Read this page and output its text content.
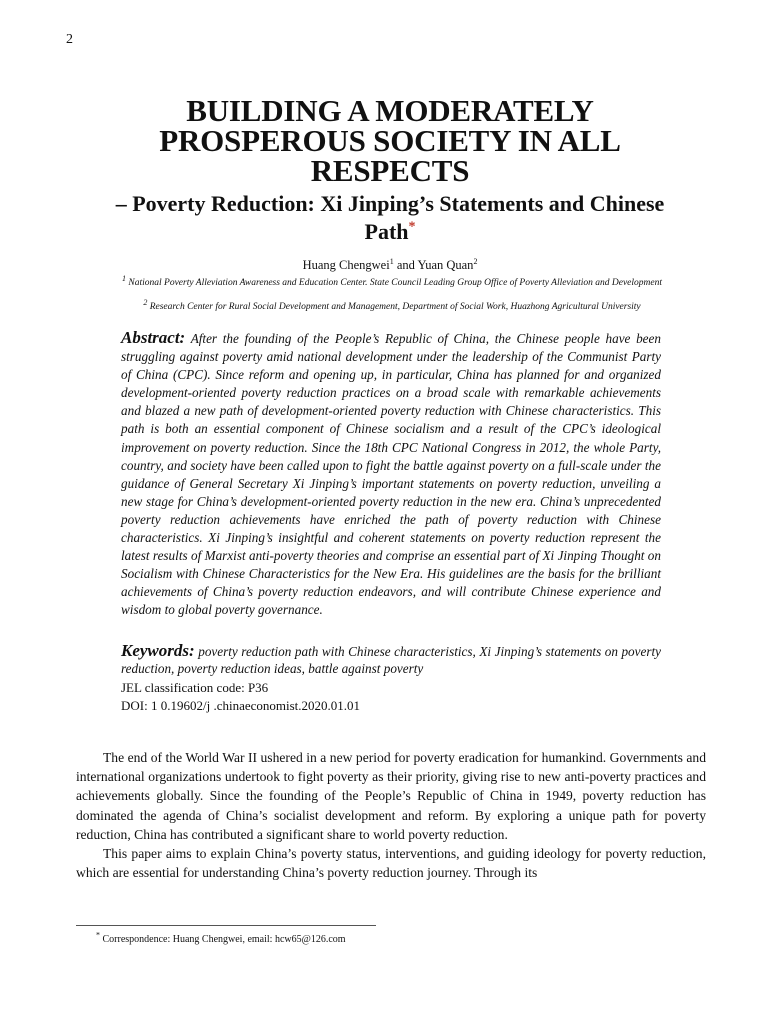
2
BUILDING A MODERATELY PROSPEROUS SOCIETY IN ALL RESPECTS
– Poverty Reduction: Xi Jinping’s Statements and Chinese Path*
Huang Chengwei$^1$ and Yuan Quan$^2$
$^1$ National Poverty Alleviation Awareness and Education Center. State Council Leading Group Office of Poverty Alleviation and Development
$^2$ Research Center for Rural Social Development and Management, Department of Social Work, Huazhong Agricultural University
Abstract: After the founding of the People’s Republic of China, the Chinese people have been struggling against poverty amid national development under the leadership of the Communist Party of China (CPC). Since reform and opening up, in particular, China has planned for and organized development-oriented poverty reduction practices on a broad scale with remarkable achievements and blazed a new path of development-oriented poverty reduction with Chinese characteristics. This path is both an essential component of Chinese socialism and a result of the CPC’s ideological improvement on poverty reduction. Since the 18th CPC National Congress in 2012, the whole Party, country, and society have been called upon to fight the battle against poverty on a full-scale under the guidance of General Secretary Xi Jinping’s important statements on poverty reduction, unveiling a new stage for China’s development-oriented poverty reduction in the new era. China’s unprecedented poverty reduction achievements have enriched the path of poverty reduction with Chinese characteristics. Xi Jinping’s insightful and coherent statements on poverty reduction represent the latest results of Marxist anti-poverty theories and comprise an essential part of Xi Jinping Thought on Socialism with Chinese Characteristics for the New Era. His guidelines are the basis for the brilliant achievements of China’s poverty reduction endeavors, and will contribute Chinese experience and wisdom to global poverty governance.
Keywords: poverty reduction path with Chinese characteristics, Xi Jinping’s statements on poverty reduction, poverty reduction ideas, battle against poverty
JEL classification code: P36
DOI: 1 0.19602/j .chinaeconomist.2020.01.01

The end of the World War II ushered in a new period for poverty eradication for humankind. Governments and international organizations undertook to fight poverty as their priority, giving rise to new anti-poverty practices and achievements globally. Since the founding of the People’s Republic of China in 1949, poverty reduction has dominated the agenda of China’s socialist development and reform. By exploring a unique path for poverty reduction, China has contributed a significant share to world poverty reduction.

This paper aims to explain China’s poverty status, interventions, and guiding ideology for poverty reduction, which are essential for understanding China’s poverty reduction journey. Through its

* Correspondence: Huang Chengwei, email: hcw65@126.com
